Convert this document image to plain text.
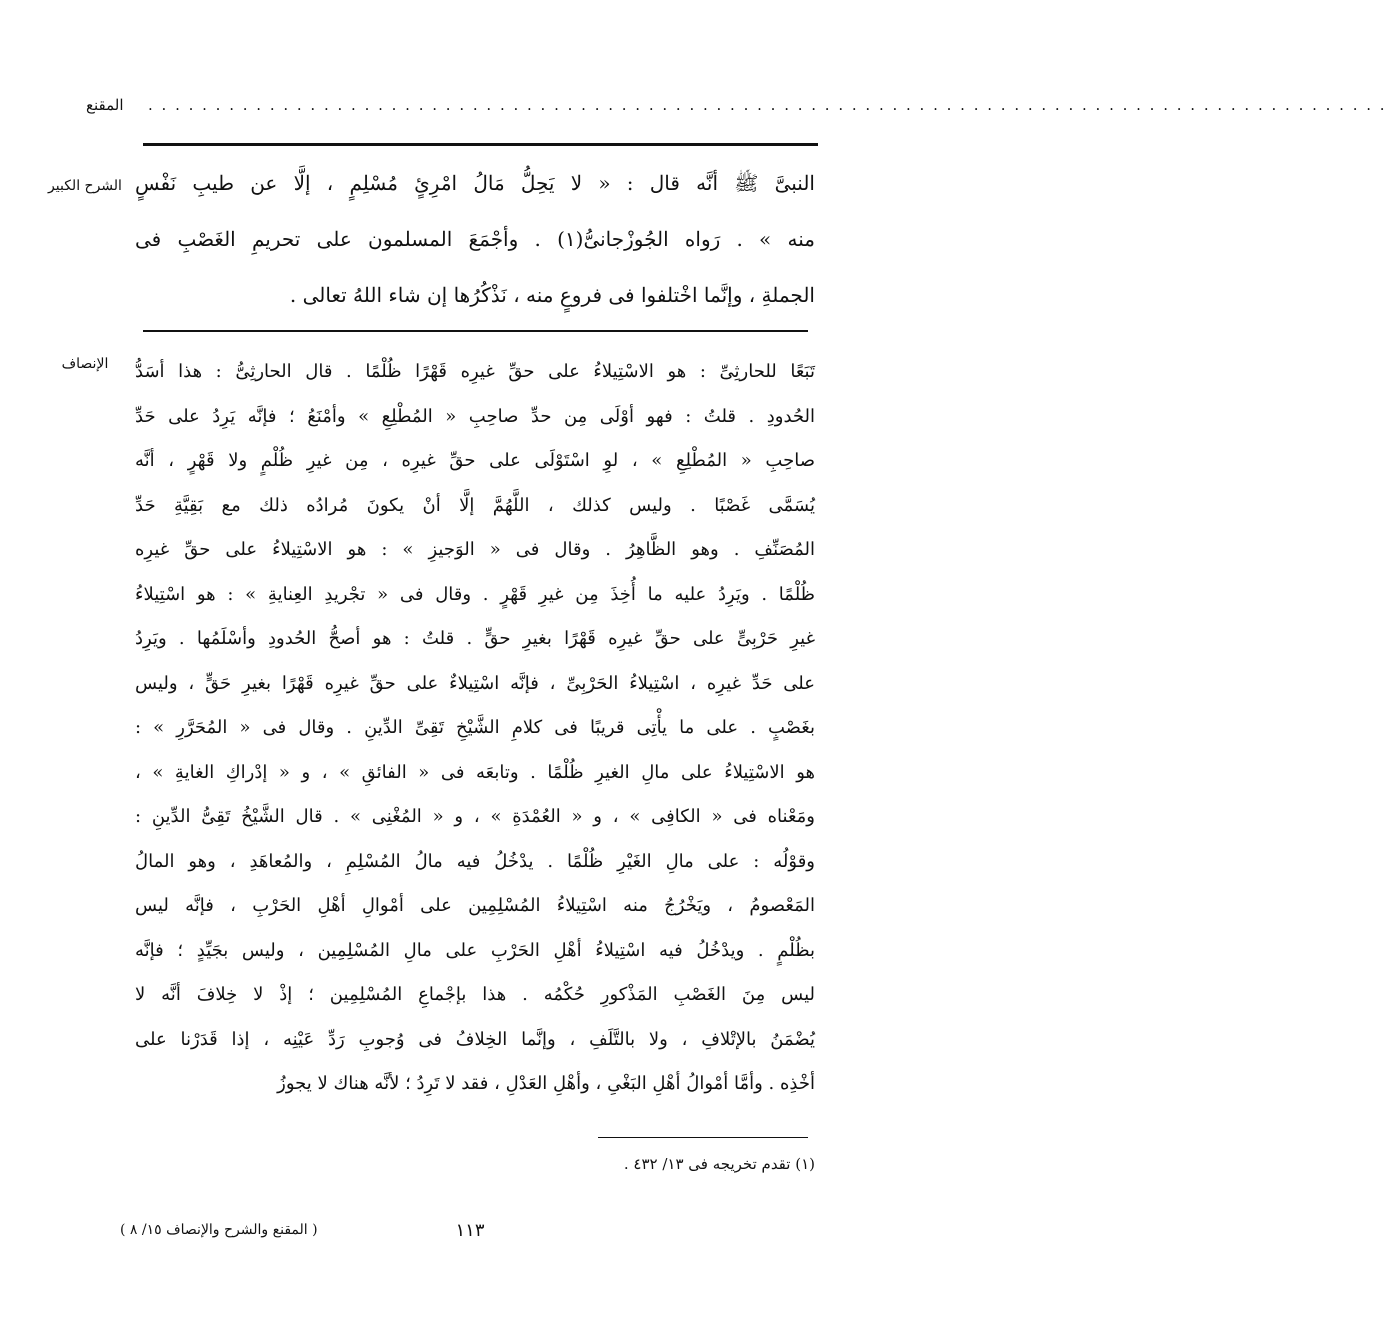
المقنع . . . . . . . . . . . . . . . . . . . . . . . . . . . . . . . . . . . . . . . . . . . . . . . . . . . . . . . . . . . . . . . . . . . . . . . . . . . . . . . . . . . . . . . . . . . .
الشرح الكبير
الإنصاف
النبىَّ ﷺ أنَّه قال : « لا يَحِلُّ مَالُ امْرِئٍ مُسْلِمٍ ، إلَّا عن طيبِ نَفْسٍ
منه » . رَواه الجُوزْجانىُّ(١) . وأجْمَعَ المسلمون على تحريمِ الغَصْبِ فى
الجملةِ ، وإنَّما اخْتلفوا فى فروعٍ منه ، نَذْكُرُها إن شاء اللهُ تعالى .
تَبَعًا للحارثِىِّ : هو الاسْتِيلاءُ على حقِّ غيرِه قَهْرًا ظُلْمًا . قال الحارثِىُّ : هذا أسَدُّ
الحُدودِ . قلتُ : فهو أوْلَى مِن حدِّ صاحِبِ « المُطْلِعِ » وأمْنَعُ ؛ فإنَّه يَرِدُ على حَدِّ
صاحِبِ « المُطْلِعِ » ، لوِ اسْتَوْلَى على حقِّ غيرِه ، مِن غيرِ ظُلْمٍ ولا قَهْرٍ ، أنَّه
يُسَمَّى غَصْبًا . وليس كذلك ، اللَّهُمَّ إلَّا أنْ يكونَ مُرادُه ذلك مع بَقِيَّةِ حَدِّ
المُصَنِّفِ . وهو الظَّاهِرُ . وقال فى « الوَجيزِ » : هو الاسْتِيلاءُ على حقِّ غيرِه
ظُلْمًا . ويَرِدُ عليه ما أُخِذَ مِن غيرِ قَهْرٍ . وقال فى « تجْريدِ العِنايةِ » : هو اسْتِيلاءُ
غيرِ حَرْبِىٍّ على حقِّ غيرِه قَهْرًا بغيرِ حقٍّ . قلتُ : هو أصحُّ الحُدودِ وأسْلَمُها . ويَرِدُ
على حَدِّ غيرِه ، اسْتِيلاءُ الحَرْبِىِّ ، فإنَّه اسْتِيلاءٌ على حقِّ غيرِه قَهْرًا بغيرِ حَقٍّ ، وليس
بغَصْبٍ . على ما يأْتِى قريبًا فى كلامِ الشَّيْخِ تَقِىِّ الدِّينِ . وقال فى « المُحَرَّرِ » :
هو الاسْتِيلاءُ على مالِ الغيرِ ظُلْمًا . وتابعَه فى « الفائقِ » ، و « إدْراكِ الغايةِ » ،
ومَعْناه فى « الكافِى » ، و « العُمْدَةِ » ، و « المُغْنِى » . قال الشَّيْخُ تَقِىُّ الدِّينِ :
وقوْلُه : على مالِ الغَيْرِ ظُلْمًا . يدْخُلُ فيه مالُ المُسْلِمِ ، والمُعاهَدِ ، وهو المالُ
المَعْصومُ ، ويَخْرُجُ منه اسْتِيلاءُ المُسْلِمِين على أمْوالِ أهْلِ الحَرْبِ ، فإنَّه ليس
بظُلْمٍ . ويدْخُلُ فيه اسْتِيلاءُ أهْلِ الحَرْبِ على مالِ المُسْلِمِين ، وليس بجَيِّدٍ ؛ فإنَّه
ليس مِنَ الغَصْبِ المَذْكورِ حُكْمُه . هذا بإجْماعِ المُسْلِمِين ؛ إذْ لا خِلافَ أنَّه لا
يُضْمَنُ بالإتْلافِ ، ولا بالتَّلَفِ ، وإنَّما الخِلافُ فى وُجوبِ رَدِّ عَيْنِه ، إذا قَدَرْنا على
أخْذِه . وأمَّا أمْوالُ أهْلِ البَغْىِ ، وأهْلِ العَدْلِ ، فقد لا تَرِدُ ؛ لأنَّه هناك لا يجوزُ
(١) تقدم تخريجه فى ١٣/ ٤٣٢ .
١١٣
( المقنع والشرح والإنصاف ١٥/ ٨ )
